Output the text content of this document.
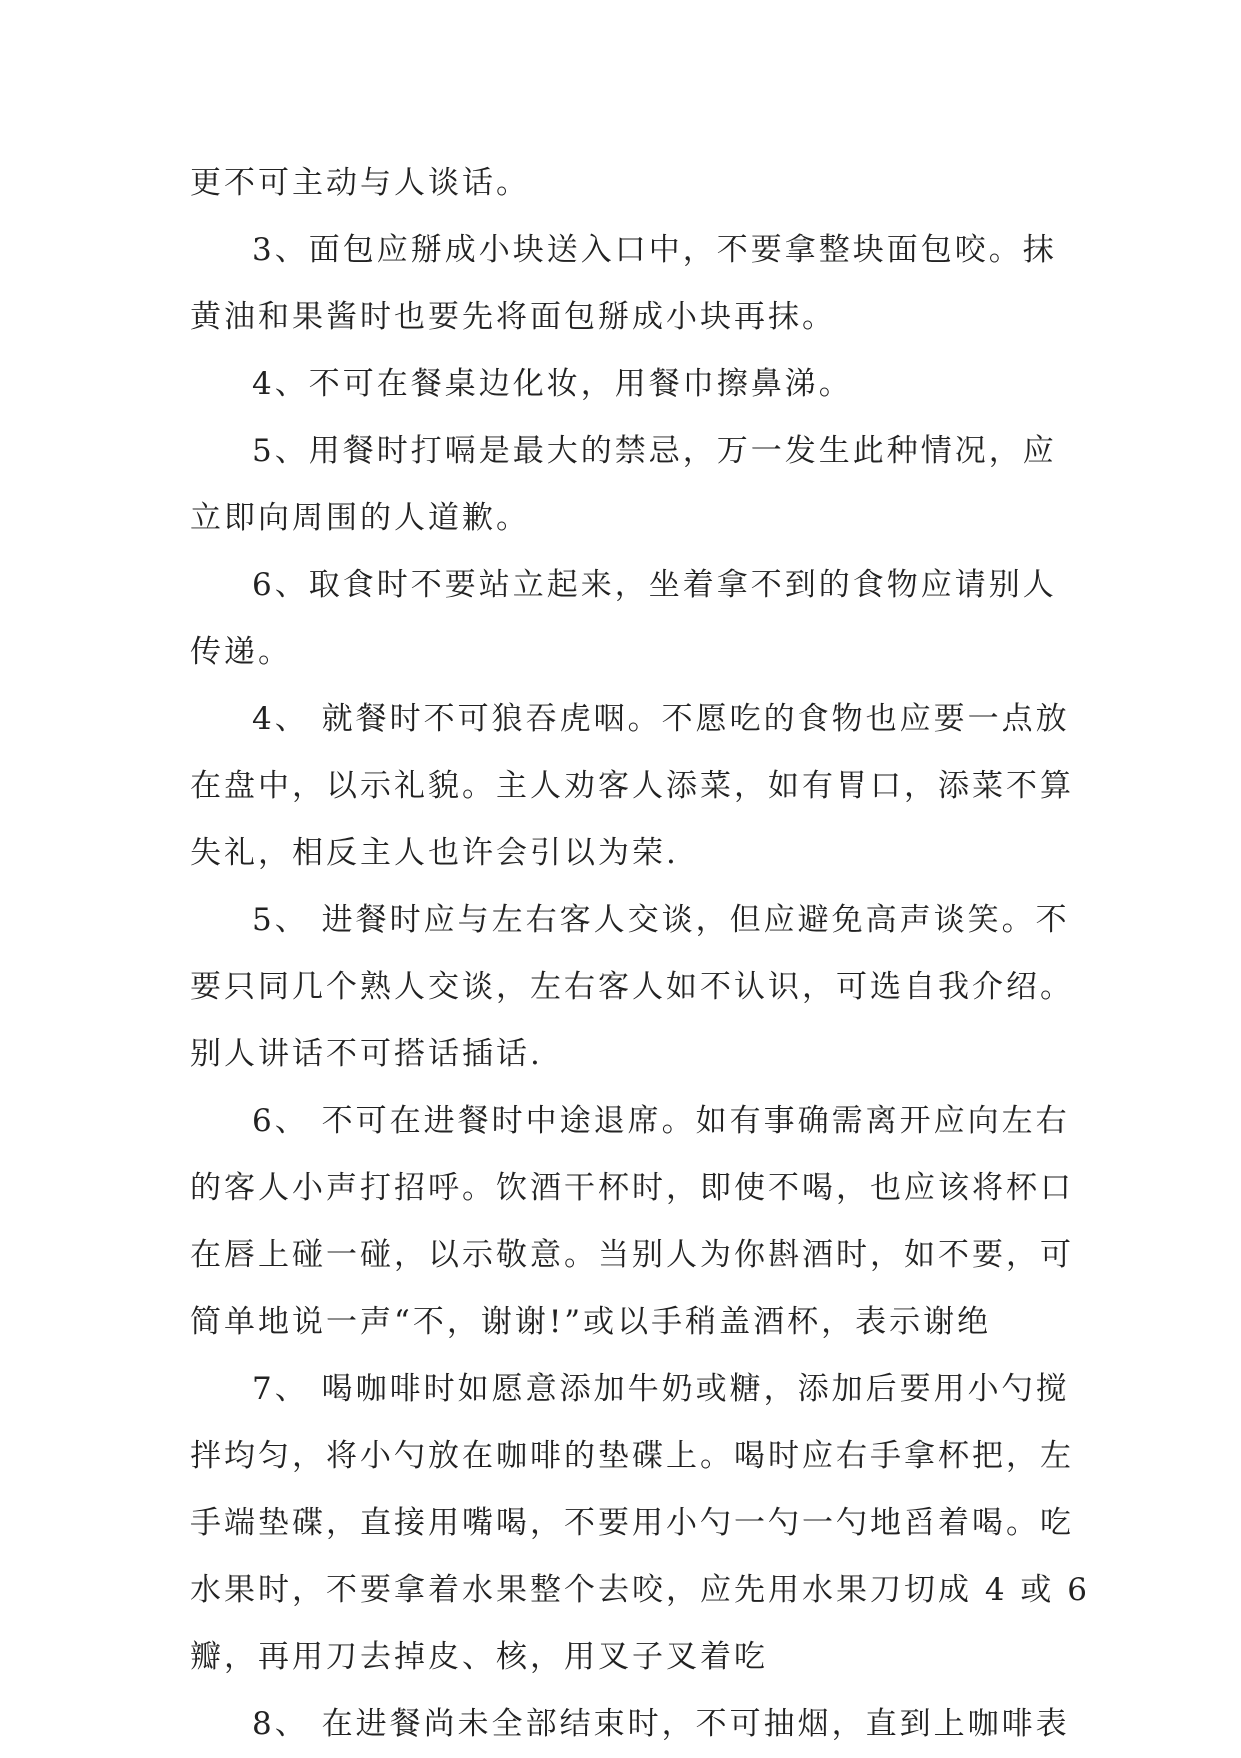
更不可主动与人谈话。
3、面包应掰成小块送入口中，不要拿整块面包咬。抹
黄油和果酱时也要先将面包掰成小块再抹。
4、不可在餐桌边化妆，用餐巾擦鼻涕。
5、用餐时打嗝是最大的禁忌，万一发生此种情况，应
立即向周围的人道歉。
6、取食时不要站立起来，坐着拿不到的食物应请别人
传递。
4、 就餐时不可狼吞虎咽。不愿吃的食物也应要一点放
在盘中，以示礼貌。主人劝客人添菜，如有胃口，添菜不算
失礼，相反主人也许会引以为荣.
5、 进餐时应与左右客人交谈，但应避免高声谈笑。不
要只同几个熟人交谈，左右客人如不认识，可选自我介绍。
别人讲话不可搭话插话.
6、 不可在进餐时中途退席。如有事确需离开应向左右
的客人小声打招呼。饮酒干杯时，即使不喝，也应该将杯口
在唇上碰一碰，以示敬意。当别人为你斟酒时，如不要，可
简单地说一声“不，谢谢!”或以手稍盖酒杯，表示谢绝
7、 喝咖啡时如愿意添加牛奶或糖，添加后要用小勺搅
拌均匀，将小勺放在咖啡的垫碟上。喝时应右手拿杯把，左
手端垫碟，直接用嘴喝，不要用小勺一勺一勺地舀着喝。吃
水果时，不要拿着水果整个去咬，应先用水果刀切成 4 或 6
瓣，再用刀去掉皮、核，用叉子叉着吃
8、 在进餐尚未全部结束时，不可抽烟，直到上咖啡表
